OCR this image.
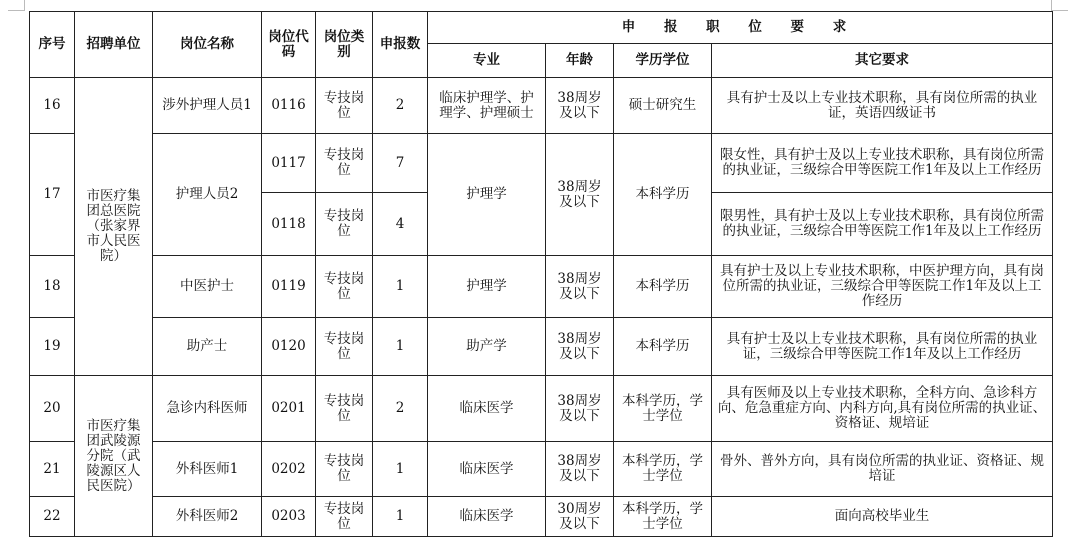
序号	招聘单位	岗位名称	岗位代码	岗位类别	申报数	申 报 职 位 要 求			
						专业	年龄	学历学位	其它要求
16	市医疗集团总医院（张家界市人民医院）	涉外护理人员1	0116	专技岗位	2	临床护理学、护理学、护理硕士	38周岁及以下	硕士研究生	具有护士及以上专业技术职称，具有岗位所需的执业证，英语四级证书
17		护理人员2	0117	专技岗位	7	护理学	38周岁及以下	本科学历	限女性，具有护士及以上专业技术职称，具有岗位所需的执业证，三级综合甲等医院工作1年及以上工作经历
			0118	专技岗位	4				限男性，具有护士及以上专业技术职称，具有岗位所需的执业证，三级综合甲等医院工作1年及以上工作经历
18		中医护士	0119	专技岗位	1	护理学	38周岁及以下	本科学历	具有护士及以上专业技术职称，中医护理方向，具有岗位所需的执业证，三级综合甲等医院工作1年及以上工作经历
19		助产士	0120	专技岗位	1	助产学	38周岁及以下	本科学历	具有护士及以上专业技术职称，具有岗位所需的执业证，三级综合甲等医院工作1年及以上工作经历
20	市医疗集团武陵源分院（武陵源区人民医院）	急诊内科医师	0201	专技岗位	2	临床医学	38周岁及以下	本科学历，学士学位	具有医师及以上专业技术职称，全科方向、急诊科方向、危急重症方向、内科方向,具有岗位所需的执业证、资格证、规培证
21		外科医师1	0202	专技岗位	1	临床医学	38周岁及以下	本科学历，学士学位	骨外、普外方向，具有岗位所需的执业证、资格证、规培证
22		外科医师2	0203	专技岗位	1	临床医学	30周岁及以下	本科学历，学士学位	面向高校毕业生
